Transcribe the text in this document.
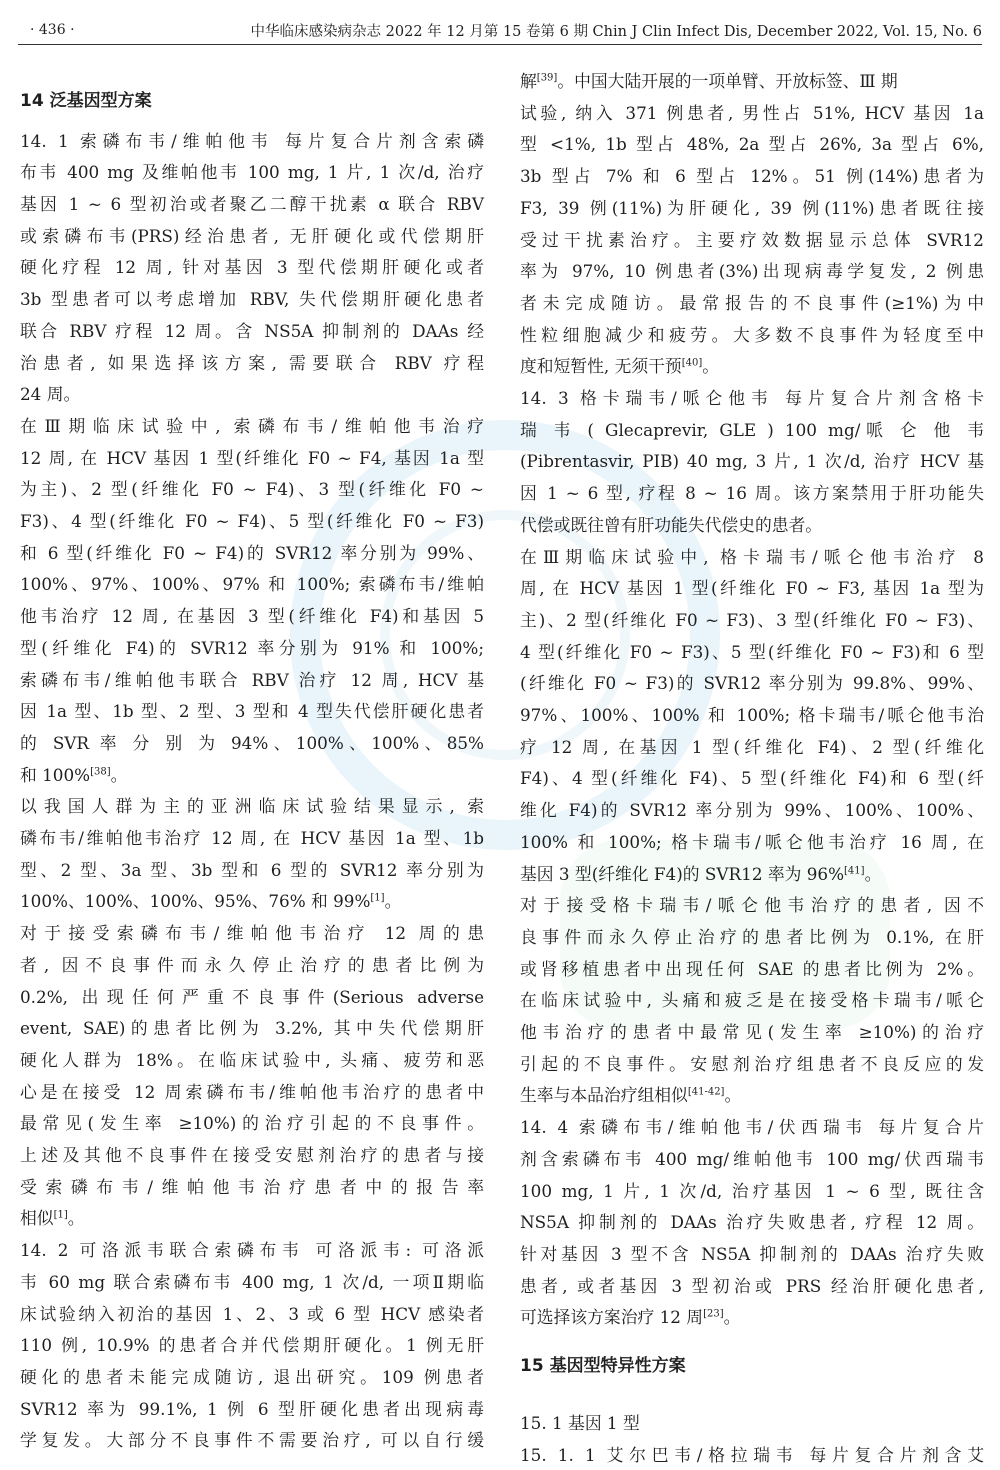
· 436 ·	中华临床感染病杂志 2022 年 12 月第 15 卷第 6 期 Chin J Clin Infect Dis, December 2022, Vol. 15, No. 6
14 泛基因型方案
14. 1 索磷布韦/维帕他韦 每片复合片剂含索磷
布韦 400 mg 及维帕他韦 100 mg, 1 片, 1 次/d, 治疗
基因 1 ~ 6 型初治或者聚乙二醇干扰素 α 联合 RBV
或索磷布韦(PRS)经治患者, 无肝硬化或代偿期肝
硬化疗程 12 周, 针对基因 3 型代偿期肝硬化或者
3b 型患者可以考虑增加 RBV, 失代偿期肝硬化患者
联合 RBV 疗程 12 周。含 NS5A 抑制剂的 DAAs 经
治患者, 如果选择该方案, 需要联合 RBV 疗程
24 周。
在Ⅲ期临床试验中, 索磷布韦/维帕他韦治疗
12 周, 在 HCV 基因 1 型(纤维化 F0 ~ F4, 基因 1a 型
为主)、2 型(纤维化 F0 ~ F4)、3 型(纤维化 F0 ~
F3)、4 型(纤维化 F0 ~ F4)、5 型(纤维化 F0 ~ F3)
和 6 型(纤维化 F0 ~ F4)的 SVR12 率分别为 99%、
100%、97%、100%、97% 和 100%; 索磷布韦/维帕
他韦治疗 12 周, 在基因 3 型(纤维化 F4)和基因 5
型(纤维化 F4)的 SVR12 率分别为 91% 和 100%;
索磷布韦/维帕他韦联合 RBV 治疗 12 周, HCV 基
因 1a 型、1b 型、2 型、3 型和 4 型失代偿肝硬化患者
的 SVR 率 分 别 为 94%、100%、100%、85%
和 100%[38]。
以我国人群为主的亚洲临床试验结果显示, 索
磷布韦/维帕他韦治疗 12 周, 在 HCV 基因 1a 型、1b
型、2 型、3a 型、3b 型和 6 型的 SVR12 率分别为
100%、100%、100%、95%、76% 和 99%[1]。
对于接受索磷布韦/维帕他韦治疗 12 周的患
者, 因不良事件而永久停止治疗的患者比例为
0.2%, 出现任何严重不良事件(Serious adverse
event, SAE)的患者比例为 3.2%, 其中失代偿期肝
硬化人群为 18%。在临床试验中, 头痛、疲劳和恶
心是在接受 12 周索磷布韦/维帕他韦治疗的患者中
最常见(发生率 ≥10%)的治疗引起的不良事件。
上述及其他不良事件在接受安慰剂治疗的患者与接
受索磷布韦/维帕他韦治疗患者中的报告率
相似[1]。
14. 2 可洛派韦联合索磷布韦 可洛派韦: 可洛派
韦 60 mg 联合索磷布韦 400 mg, 1 次/d, 一项Ⅱ期临
床试验纳入初治的基因 1、2、3 或 6 型 HCV 感染者
110 例, 10.9% 的患者合并代偿期肝硬化。1 例无肝
硬化的患者未能完成随访, 退出研究。109 例患者
SVR12 率为 99.1%, 1 例 6 型肝硬化患者出现病毒
学复发。大部分不良事件不需要治疗, 可以自行缓
解[39]。中国大陆开展的一项单臂、开放标签、Ⅲ 期
试验, 纳入 371 例患者, 男性占 51%, HCV 基因 1a
型 <1%, 1b 型占 48%, 2a 型占 26%, 3a 型占 6%,
3b 型占 7% 和 6 型占 12%。51 例(14%)患者为
F3, 39 例(11%)为肝硬化, 39 例(11%)患者既往接
受过干扰素治疗。主要疗效数据显示总体 SVR12
率为 97%, 10 例患者(3%)出现病毒学复发, 2 例患
者未完成随访。最常报告的不良事件(≥1%)为中
性粒细胞减少和疲劳。大多数不良事件为轻度至中
度和短暂性, 无须干预[40]。
14. 3 格卡瑞韦/哌仑他韦 每片复合片剂含格卡
瑞 韦 ( Glecaprevir, GLE ) 100 mg/哌 仑 他 韦
(Pibrentasvir, PIB) 40 mg, 3 片, 1 次/d, 治疗 HCV 基
因 1 ~ 6 型, 疗程 8 ~ 16 周。该方案禁用于肝功能失
代偿或既往曾有肝功能失代偿史的患者。
在Ⅲ期临床试验中, 格卡瑞韦/哌仑他韦治疗 8
周, 在 HCV 基因 1 型(纤维化 F0 ~ F3, 基因 1a 型为
主)、2 型(纤维化 F0 ~ F3)、3 型(纤维化 F0 ~ F3)、
4 型(纤维化 F0 ~ F3)、5 型(纤维化 F0 ~ F3)和 6 型
(纤维化 F0 ~ F3)的 SVR12 率分别为 99.8%、99%、
97%、100%、100% 和 100%; 格卡瑞韦/哌仑他韦治
疗 12 周, 在基因 1 型(纤维化 F4)、2 型(纤维化
F4)、4 型(纤维化 F4)、5 型(纤维化 F4)和 6 型(纤
维化 F4)的 SVR12 率分别为 99%、100%、100%、
100% 和 100%; 格卡瑞韦/哌仑他韦治疗 16 周, 在
基因 3 型(纤维化 F4)的 SVR12 率为 96%[41]。
对于接受格卡瑞韦/哌仑他韦治疗的患者, 因不
良事件而永久停止治疗的患者比例为 0.1%, 在肝
或肾移植患者中出现任何 SAE 的患者比例为 2%。
在临床试验中, 头痛和疲乏是在接受格卡瑞韦/哌仑
他韦治疗的患者中最常见(发生率 ≥10%)的治疗
引起的不良事件。安慰剂治疗组患者不良反应的发
生率与本品治疗组相似[41-42]。
14. 4 索磷布韦/维帕他韦/伏西瑞韦 每片复合片
剂含索磷布韦 400 mg/维帕他韦 100 mg/伏西瑞韦
100 mg, 1 片, 1 次/d, 治疗基因 1 ~ 6 型, 既往含
NS5A 抑制剂的 DAAs 治疗失败患者, 疗程 12 周。
针对基因 3 型不含 NS5A 抑制剂的 DAAs 治疗失败
患者, 或者基因 3 型初治或 PRS 经治肝硬化患者,
可选择该方案治疗 12 周[23]。
15 基因型特异性方案
15. 1 基因 1 型
15. 1. 1 艾尔巴韦/格拉瑞韦 每片复合片剂含艾
